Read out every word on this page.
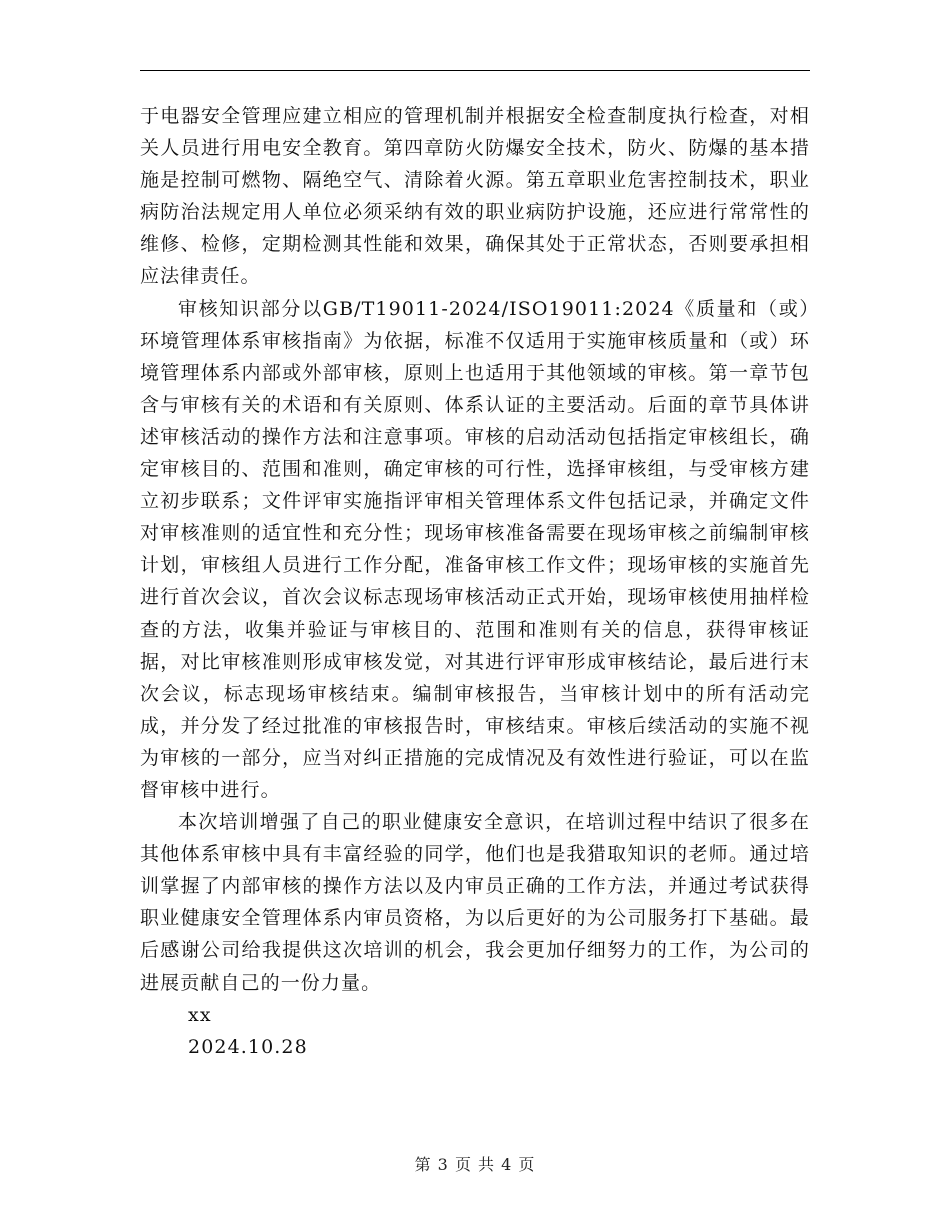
于电器安全管理应建立相应的管理机制并根据安全检查制度执行检查，对相关人员进行用电安全教育。第四章防火防爆安全技术，防火、防爆的基本措施是控制可燃物、隔绝空气、清除着火源。第五章职业危害控制技术，职业病防治法规定用人单位必须采纳有效的职业病防护设施，还应进行常常性的维修、检修，定期检测其性能和效果，确保其处于正常状态，否则要承担相应法律责任。

审核知识部分以GB/T19011-2024/ISO19011:2024《质量和（或）环境管理体系审核指南》为依据，标准不仅适用于实施审核质量和（或）环境管理体系内部或外部审核，原则上也适用于其他领域的审核。第一章节包含与审核有关的术语和有关原则、体系认证的主要活动。后面的章节具体讲述审核活动的操作方法和注意事项。审核的启动活动包括指定审核组长，确定审核目的、范围和准则，确定审核的可行性，选择审核组，与受审核方建立初步联系；文件评审实施指评审相关管理体系文件包括记录，并确定文件对审核准则的适宜性和充分性；现场审核准备需要在现场审核之前编制审核计划，审核组人员进行工作分配，准备审核工作文件；现场审核的实施首先进行首次会议，首次会议标志现场审核活动正式开始，现场审核使用抽样检查的方法，收集并验证与审核目的、范围和准则有关的信息，获得审核证据，对比审核准则形成审核发觉，对其进行评审形成审核结论，最后进行末次会议，标志现场审核结束。编制审核报告，当审核计划中的所有活动完成，并分发了经过批准的审核报告时，审核结束。审核后续活动的实施不视为审核的一部分，应当对纠正措施的完成情况及有效性进行验证，可以在监督审核中进行。

本次培训增强了自己的职业健康安全意识，在培训过程中结识了很多在其他体系审核中具有丰富经验的同学，他们也是我猎取知识的老师。通过培训掌握了内部审核的操作方法以及内审员正确的工作方法，并通过考试获得职业健康安全管理体系内审员资格，为以后更好的为公司服务打下基础。最后感谢公司给我提供这次培训的机会，我会更加仔细努力的工作，为公司的进展贡献自己的一份力量。

xx

2024.10.28

第 3 页 共 4 页
